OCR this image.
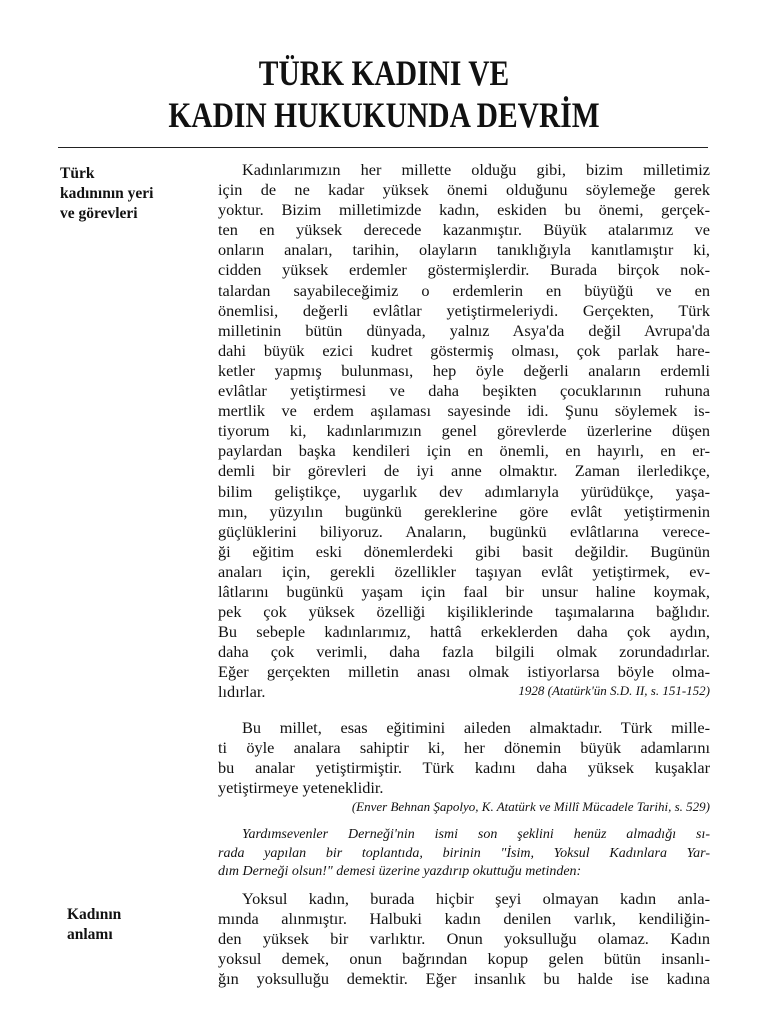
TÜRK KADINI VE
KADIN HUKUKUNDA DEVRİM
Türk
kadınının yeri
ve görevleri
Kadının
anlamı
Kadınlarımızın her millette olduğu gibi, bizim milletimiz
için de ne kadar yüksek önemi olduğunu söylemeğe gerek
yoktur. Bizim milletimizde kadın, eskiden bu önemi, gerçek-
ten en yüksek derecede kazanmıştır. Büyük atalarımız ve
onların anaları, tarihin, olayların tanıklığıyla kanıtlamıştır ki,
cidden yüksek erdemler göstermişlerdir. Burada birçok nok-
talardan sayabileceğimiz o erdemlerin en büyüğü ve en
önemlisi, değerli evlâtlar yetiştirmeleriydi. Gerçekten, Türk
milletinin bütün dünyada, yalnız Asya'da değil Avrupa'da
dahi büyük ezici kudret göstermiş olması, çok parlak hare-
ketler yapmış bulunması, hep öyle değerli anaların erdemli
evlâtlar yetiştirmesi ve daha beşikten çocuklarının ruhuna
mertlik ve erdem aşılaması sayesinde idi. Şunu söylemek is-
tiyorum ki, kadınlarımızın genel görevlerde üzerlerine düşen
paylardan başka kendileri için en önemli, en hayırlı, en er-
demli bir görevleri de iyi anne olmaktır. Zaman ilerledikçe,
bilim geliştikçe, uygarlık dev adımlarıyla yürüdükçe, yaşa-
mın, yüzyılın bugünkü gereklerine göre evlât yetiştirmenin
güçlüklerini biliyoruz. Anaların, bugünkü evlâtlarına verece-
ği eğitim eski dönemlerdeki gibi basit değildir. Bugünün
anaları için, gerekli özellikler taşıyan evlât yetiştirmek, ev-
lâtlarını bugünkü yaşam için faal bir unsur haline koymak,
pek çok yüksek özelliği kişiliklerinde taşımalarına bağlıdır.
Bu sebeple kadınlarımız, hattâ erkeklerden daha çok aydın,
daha çok verimli, daha fazla bilgili olmak zorundadırlar.
Eğer gerçekten milletin anası olmak istiyorlarsa böyle olma-
lıdırlar.	1928 (Atatürk'ün S.D. II, s. 151-152)
Bu millet, esas eğitimini aileden almaktadır. Türk mille-
ti öyle analara sahiptir ki, her dönemin büyük adamlarını
bu analar yetiştirmiştir. Türk kadını daha yüksek kuşaklar
yetiştirmeye yeteneklidir.
(Enver Behnan Şapolyo, K. Atatürk ve Millî Mücadele Tarihi, s. 529)
Yardımsevenler Derneği'nin ismi son şeklini henüz almadığı sı-
rada yapılan bir toplantıda, birinin "İsim, Yoksul Kadınlara Yar-
dım Derneği olsun!" demesi üzerine yazdırıp okuttuğu metinden:
Yoksul kadın, burada hiçbir şeyi olmayan kadın anla-
mında alınmıştır. Halbuki kadın denilen varlık, kendiliğin-
den yüksek bir varlıktır. Onun yoksulluğu olamaz. Kadın
yoksul demek, onun bağrından kopup gelen bütün insanlı-
ğın yoksulluğu demektir. Eğer insanlık bu halde ise kadına
